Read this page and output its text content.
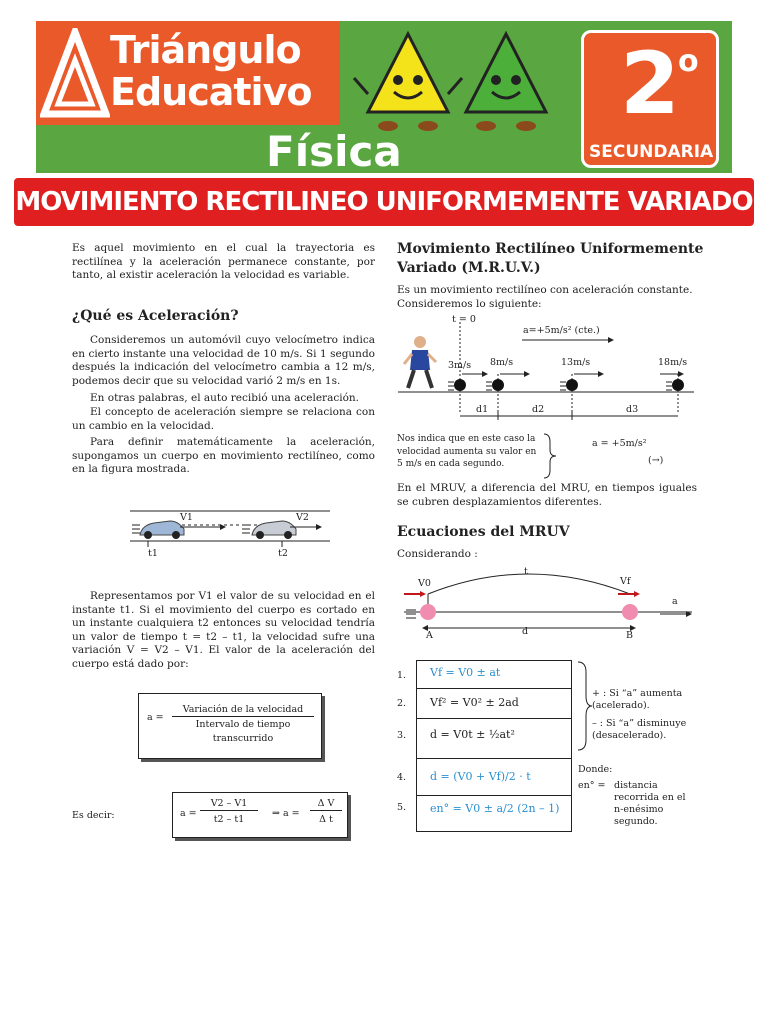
Triángulo
Educativo
Física
2
o
SECUNDARIA
MOVIMIENTO RECTILINEO UNIFORMEMENTE VARIADO
Es aquel movimiento en el cual la trayectoria es rectilínea y la aceleración permanece constante, por tanto, al existir aceleración la velocidad es variable.
¿Qué es Aceleración?
Consideremos un automóvil cuyo velocímetro indica en cierto instante una velocidad de 10 m/s. Si 1 segundo después la indicación del velocímetro cambia a 12 m/s, podemos decir que su velocidad varió 2 m/s en 1s.
En otras palabras, el auto recibió una aceleración.
El concepto de aceleración siempre se relaciona con un cambio en la velocidad.
Para definir matemáticamente la aceleración, supongamos un cuerpo en movimiento rectilíneo, como en la figura mostrada.
V1	V2
t1	t2
Representamos por V1 el valor de su velocidad en el instante t1. Si el movimiento del cuerpo es cortado en un instante cualquiera t2 entonces su velocidad tendría un valor de tiempo t = t2 – t1, la velocidad sufre una variación V = V2 – V1. El valor de la aceleración del cuerpo está dado por:
a =
Variación de la velocidad
Intervalo de tiempo
transcurrido
Es decir:	a =
V2 – V1
t2 – t1
⇒ a =
Δ V
Δ t
Movimiento Rectilíneo Uniformemente Variado (M.R.U.V.)
Es un movimiento rectilíneo con aceleración constante.
Consideremos lo siguiente:
t = 0
a=+5m/s² (cte.)
3m/s 8m/s	13m/s	18m/s
d1	d2	d3
Nos indica que en este caso la velocidad aumenta su valor en 5 m/s en cada segundo.
a = +5m/s²
(→)
En el MRUV, a diferencia del MRU, en tiempos iguales se cubren desplazamientos diferentes.
Ecuaciones del MRUV
Considerando :
t
V0	Vf
a
d
A	B
1.
2.
3.
4.
5.
Vf = V0 ± at
Vf² = V0² ± 2ad
d = V0t ± ½at²
d = (V0 + Vf)/2 · t
en° = V0 ± a/2 (2n – 1)
+ : Si “a” aumenta (acelerado).
– : Si “a” disminuye (desacelerado).
Donde:
en° = distancia recorrida en el n-enésimo segundo.
